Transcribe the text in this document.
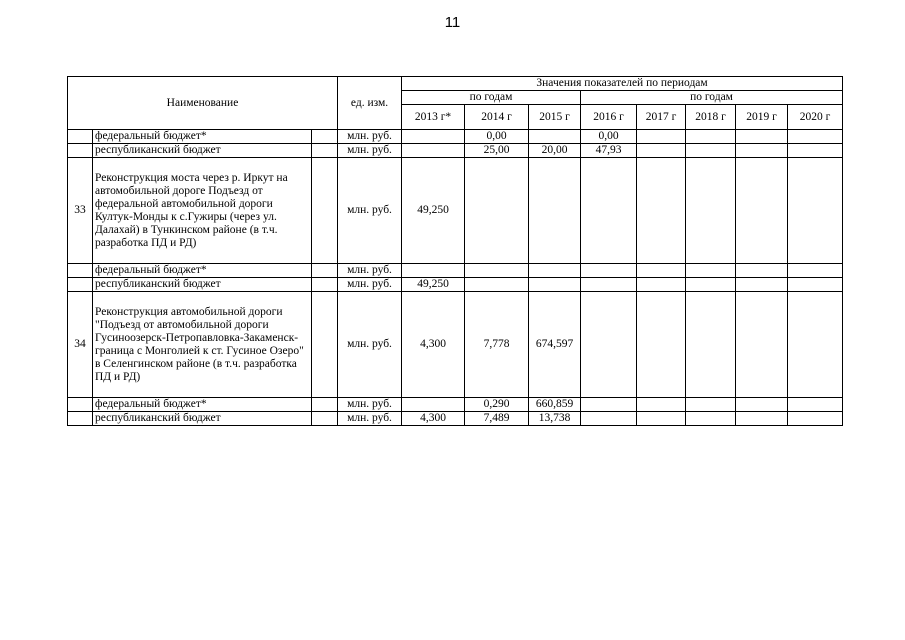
11
Наименование			ед. изм.	Значения показателей по периодам							
				по годам			по годам				
				2013 г*	2014 г	2015 г	2016 г	2017 г	2018 г	2019 г	2020 г
	федеральный бюджет*		млн. руб.		0,00		0,00				
	республиканский бюджет		млн. руб.		25,00	20,00	47,93				
33	Реконструкция моста через р. Иркут на автомобильной дороге Подъезд от федеральной автомобильной дороги Култук-Монды к с.Гужиры (через ул. Далахай) в Тункинском районе (в т.ч. разработка ПД и РД)		млн. руб.	49,250							
	федеральный бюджет*		млн. руб.								
	республиканский бюджет		млн. руб.	49,250							
34	Реконструкция автомобильной дороги "Подъезд от автомобильной дороги Гусиноозерск-Петропавловка-Закаменск-граница с Монголией к ст. Гусиное Озеро" в Селенгинском районе (в т.ч. разработка ПД и РД)		млн. руб.	4,300	7,778	674,597					
	федеральный бюджет*		млн. руб.		0,290	660,859					
	республиканский бюджет		млн. руб.	4,300	7,489	13,738					
